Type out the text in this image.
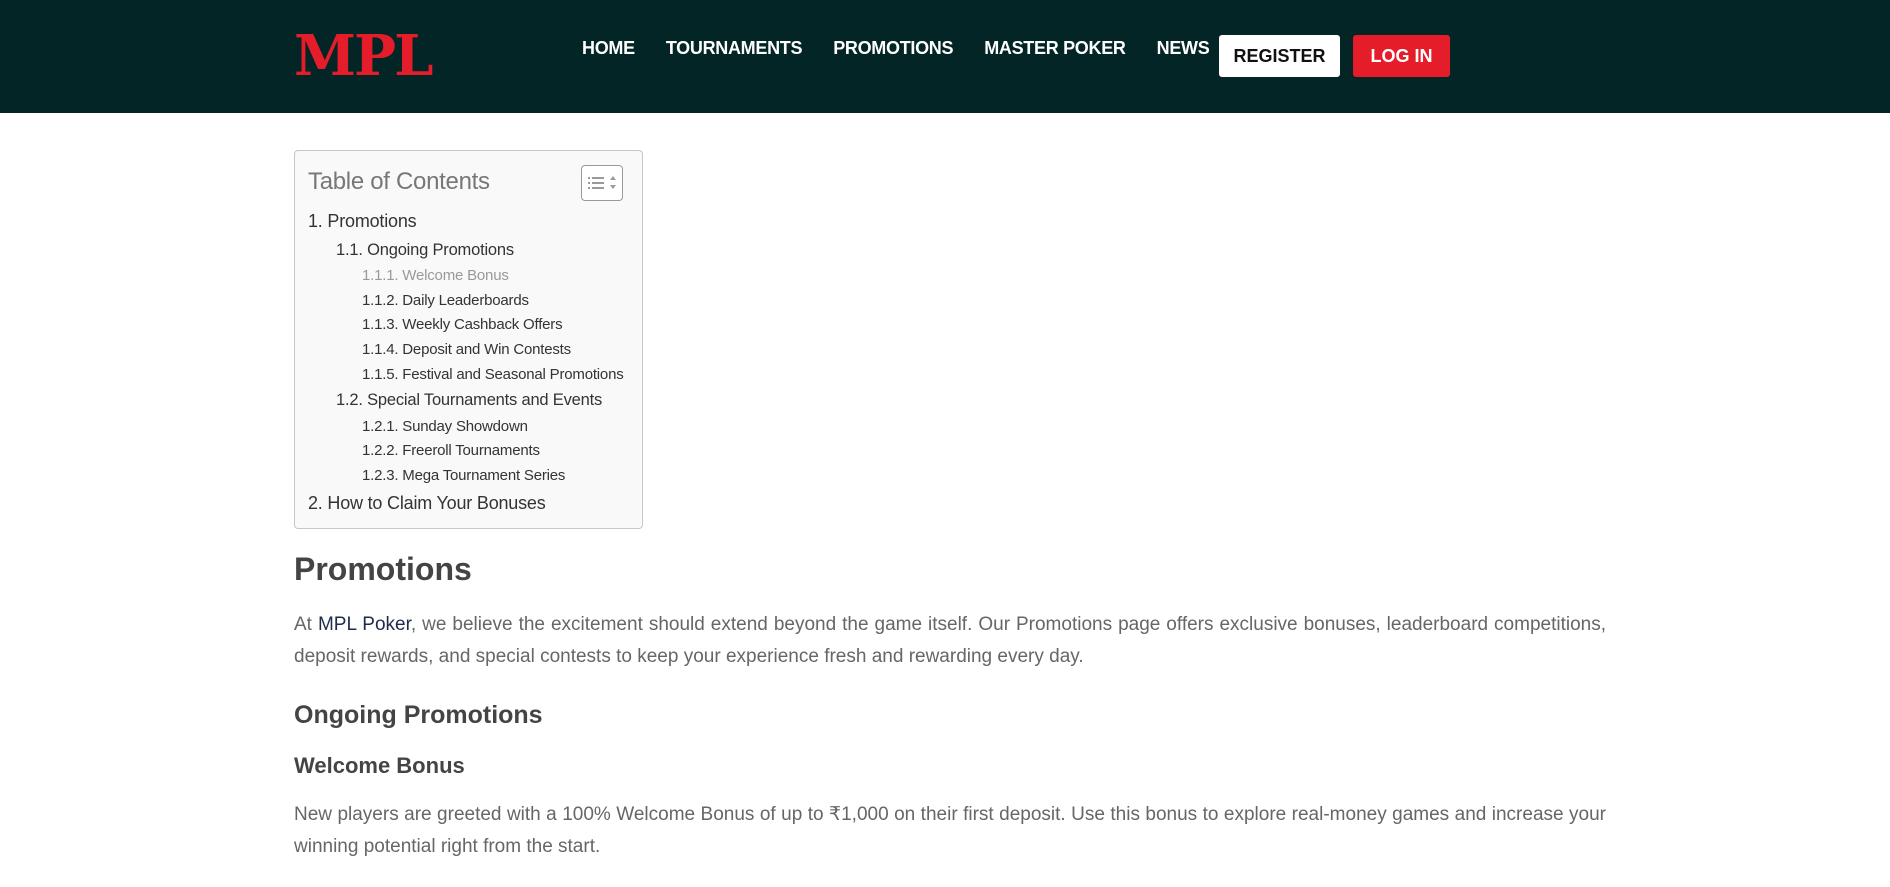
MPL	HOME TOURNAMENTS PROMOTIONS MASTER POKER NEWS	REGISTER	LOG IN
Table of Contents
1. Promotions
1.1. Ongoing Promotions
1.1.1. Welcome Bonus
1.1.2. Daily Leaderboards
1.1.3. Weekly Cashback Offers
1.1.4. Deposit and Win Contests
1.1.5. Festival and Seasonal Promotions
1.2. Special Tournaments and Events
1.2.1. Sunday Showdown
1.2.2. Freeroll Tournaments
1.2.3. Mega Tournament Series
2. How to Claim Your Bonuses
Promotions

At MPL Poker, we believe the excitement should extend beyond the game itself. Our Promotions page offers exclusive bonuses, leaderboard competitions, deposit rewards, and special contests to keep your experience fresh and rewarding every day.

Ongoing Promotions
Welcome Bonus

New players are greeted with a 100% Welcome Bonus of up to ₹1,000 on their first deposit. Use this bonus to explore real-money games and increase your winning potential right from the start.
